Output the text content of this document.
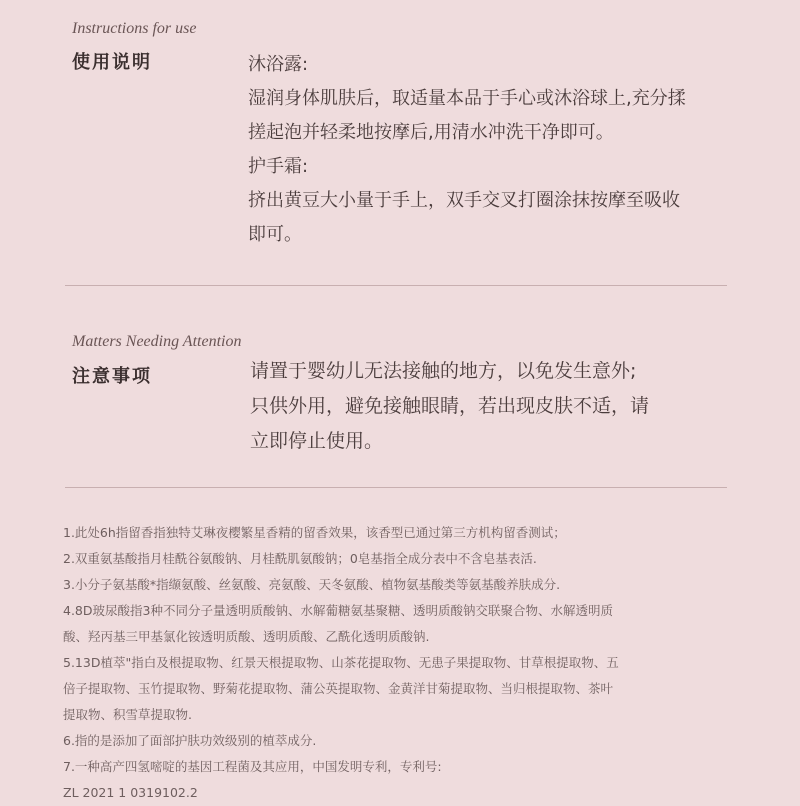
Instructions for use
使用说明	沐浴露:
湿润身体肌肤后，取适量本品于手心或沐浴球上,充分揉
搓起泡并轻柔地按摩后,用清水冲洗干净即可。
护手霜:
挤出黄豆大小量于手上，双手交叉打圈涂抹按摩至吸收
即可。
Matters Needing Attention
注意事项	请置于婴幼儿无法接触的地方，以免发生意外;
只供外用，避免接触眼睛，若出现皮肤不适，请
立即停止使用。
1.此处6h指留香指独特艾琳夜樱繁星香精的留香效果，该香型已通过第三方机构留香测试；
2.双重氨基酸指月桂酰谷氨酸钠、月桂酰肌氨酸钠；0皂基指全成分表中不含皂基表活.
3.小分子氨基酸*指缬氨酸、丝氨酸、亮氨酸、天冬氨酸、植物氨基酸类等氨基酸养肤成分.
4.8D玻尿酸指3种不同分子量透明质酸钠、水解葡糖氨基聚糖、透明质酸钠交联聚合物、水解透明质
酸、羟丙基三甲基氯化铵透明质酸、透明质酸、乙酰化透明质酸钠.
5.13D植萃"指白及根提取物、红景天根提取物、山茶花提取物、无患子果提取物、甘草根提取物、五
倍子提取物、玉竹提取物、野菊花提取物、蒲公英提取物、金黄洋甘菊提取物、当归根提取物、茶叶
提取物、积雪草提取物.
6.指的是添加了面部护肤功效级别的植萃成分.
7.一种高产四氢嘧啶的基因工程菌及其应用，中国发明专利，专利号:
ZL 2021 1 0319102.2
